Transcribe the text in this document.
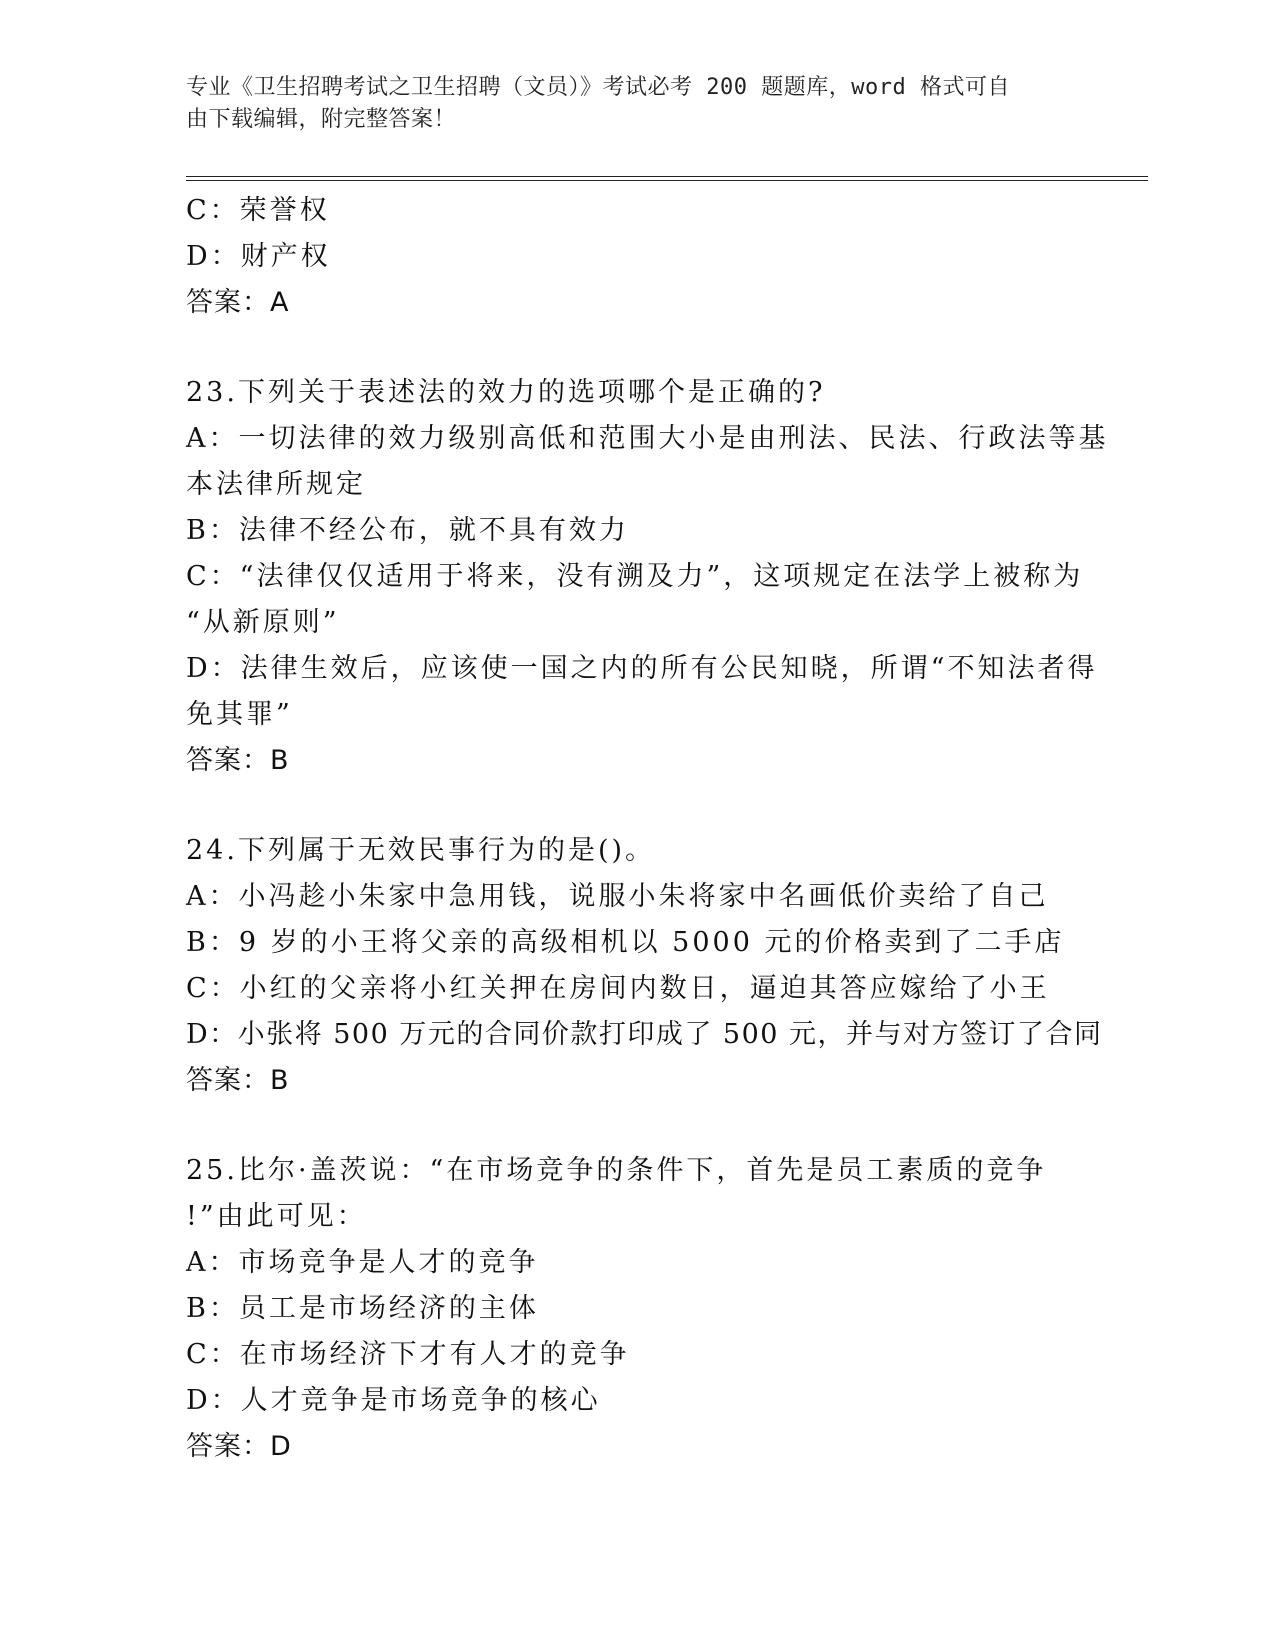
专业《卫生招聘考试之卫生招聘（文员）》考试必考 200 题题库，word 格式可自
由下载编辑，附完整答案！
C：荣誉权
D：财产权
答案：A
23.下列关于表述法的效力的选项哪个是正确的?
A：一切法律的效力级别高低和范围大小是由刑法、民法、行政法等基
本法律所规定
B：法律不经公布，就不具有效力
C：“法律仅仅适用于将来，没有溯及力”，这项规定在法学上被称为
“从新原则”
D：法律生效后，应该使一国之内的所有公民知晓，所谓“不知法者得
免其罪”
答案：B
24.下列属于无效民事行为的是()。
A：小冯趁小朱家中急用钱，说服小朱将家中名画低价卖给了自己
B：9 岁的小王将父亲的高级相机以 5000 元的价格卖到了二手店
C：小红的父亲将小红关押在房间内数日，逼迫其答应嫁给了小王
D：小张将 500 万元的合同价款打印成了 500 元，并与对方签订了合同
答案：B
25.比尔·盖茨说：“在市场竞争的条件下，首先是员工素质的竞争
!”由此可见：
A：市场竞争是人才的竞争
B：员工是市场经济的主体
C：在市场经济下才有人才的竞争
D：人才竞争是市场竞争的核心
答案：D
